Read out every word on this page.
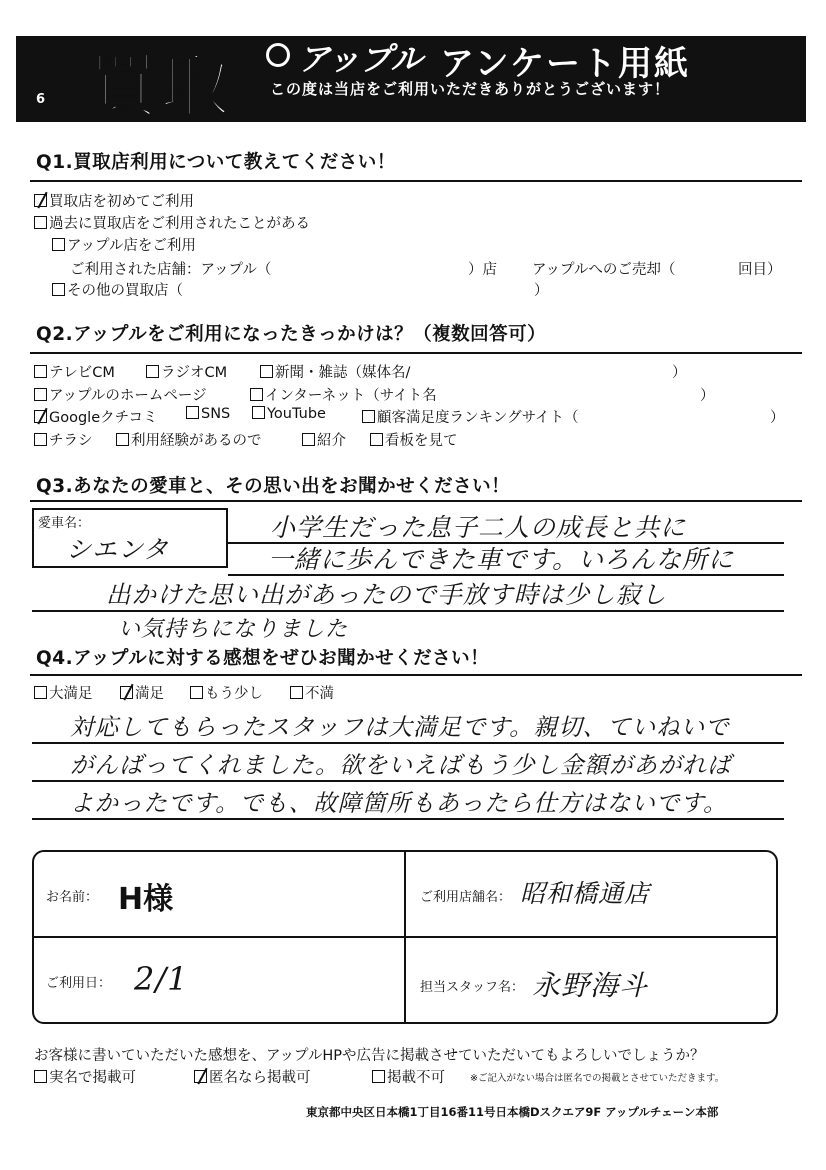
買取 アップル アンケート用紙
この度は当店をご利用いただきありがとうございます！
6
Q1.買取店利用について教えてください！
買取店を初めてご利用
過去に買取店をご利用されたことがある
アップル店をご利用
ご利用された店舗：アップル（	）店 アップルへのご売却（	回目）
その他の買取店（	）
Q2.アップルをご利用になったきっかけは？（複数回答可）
テレビCM	ラジオCM	新聞・雑誌（媒体名/	）
アップルのホームページ	インターネット（サイト名	）
Googleクチコミ	SNS	YouTube	顧客満足度ランキングサイト（	）
チラシ	利用経験があるので	紹介	看板を見て
Q3.あなたの愛車と、その思い出をお聞かせください！
愛車名：
シエンタ
小学生だった息子二人の成長と共に
一緒に歩んできた車です。いろんな所に
出かけた思い出があったので手放す時は少し寂し
い気持ちになりました
Q4.アップルに対する感想をぜひお聞かせください！
大満足	満足	もう少し	不満
対応してもらったスタッフは大満足です。親切、ていねいで
がんばってくれました。欲をいえばもう少し金額があがれば
よかったです。でも、故障箇所もあったら仕方はないです。
お名前： H様	ご利用店舗名： 昭和橋通店
ご利用日： 2/1	担当スタッフ名： 永野海斗
お客様に書いていただいた感想を、アップルHPや広告に掲載させていただいてもよろしいでしょうか？
実名で掲載可	匿名なら掲載可	掲載不可	※ご記入がない場合は匿名での掲載とさせていただきます。
東京都中央区日本橋1丁目16番11号日本橋Dスクエア9F アップルチェーン本部
